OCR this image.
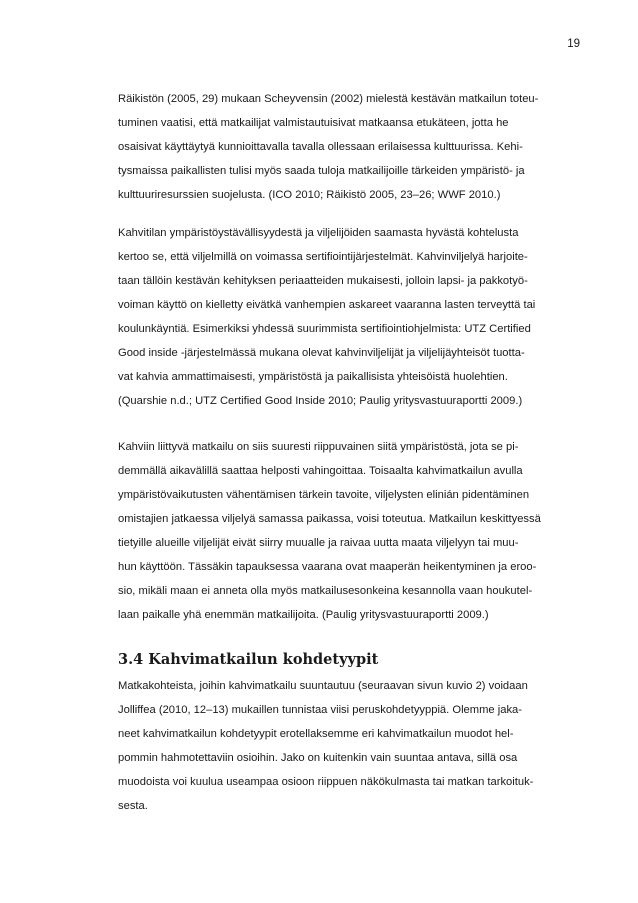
19

Räikistön (2005, 29) mukaan Scheyvensin (2002) mielestä kestävän matkailun toteu-
tuminen vaatisi, että matkailijat valmistautuisivat matkaansa etukäteen, jotta he
osaisivat käyttäytyä kunnioittavalla tavalla ollessaan erilaisessa kulttuurissa. Kehi-
tysmaissa paikallisten tulisi myös saada tuloja matkailijoille tärkeiden ympäristö- ja
kulttuuriresurssien suojelusta. (ICO 2010; Räikistö 2005, 23–26; WWF 2010.)

Kahvitilan ympäristöystävällisyydestä ja viljelijöiden saamasta hyvästä kohtelusta
kertoo se, että viljelmillä on voimassa sertifiointijärjestelmät. Kahvinviljelyä harjoite-
taan tällöin kestävän kehityksen periaatteiden mukaisesti, jolloin lapsi- ja pakkotyö-
voiman käyttö on kielletty eivätkä vanhempien askareet vaaranna lasten terveyttä tai
koulunkäyntiä. Esimerkiksi yhdessä suurimmista sertifiointiohjelmista: UTZ Certified
Good inside -järjestelmässä mukana olevat kahvinviljelijät ja viljelijäyhteisöt tuotta-
vat kahvia ammattimaisesti, ympäristöstä ja paikallisista yhteisöistä huolehtien.
(Quarshie n.d.; UTZ Certified Good Inside 2010; Paulig yritysvastuuraportti 2009.)

Kahviin liittyvä matkailu on siis suuresti riippuvainen siitä ympäristöstä, jota se pi-
demmällä aikavälillä saattaa helposti vahingoittaa. Toisaalta kahvimatkailun avulla
ympäristövaikutusten vähentämisen tärkein tavoite, viljelysten elinián pidentäminen
omistajien jatkaessa viljelyä samassa paikassa, voisi toteutua. Matkailun keskittyessä
tietyille alueille viljelijät eivät siirry muualle ja raivaa uutta maata viljelyyn tai muu-
hun käyttöön. Tässäkin tapauksessa vaarana ovat maaperän heikentyminen ja eroo-
sio, mikäli maan ei anneta olla myös matkailusesonkeina kesannolla vaan houkutel-
laan paikalle yhä enemmän matkailijoita. (Paulig yritysvastuuraportti 2009.)

3.4 Kahvimatkailun kohdetyypit

Matkakohteista, joihin kahvimatkailu suuntautuu (seuraavan sivun kuvio 2) voidaan
Jolliffea (2010, 12–13) mukaillen tunnistaa viisi peruskohdetyyppiä. Olemme jaka-
neet kahvimatkailun kohdetyypit erotellaksemme eri kahvimatkailun muodot hel-
pommin hahmotettaviin osioihin. Jako on kuitenkin vain suuntaa antava, sillä osa
muodoista voi kuulua useampaa osioon riippuen näkökulmasta tai matkan tarkoituk-
sesta.
